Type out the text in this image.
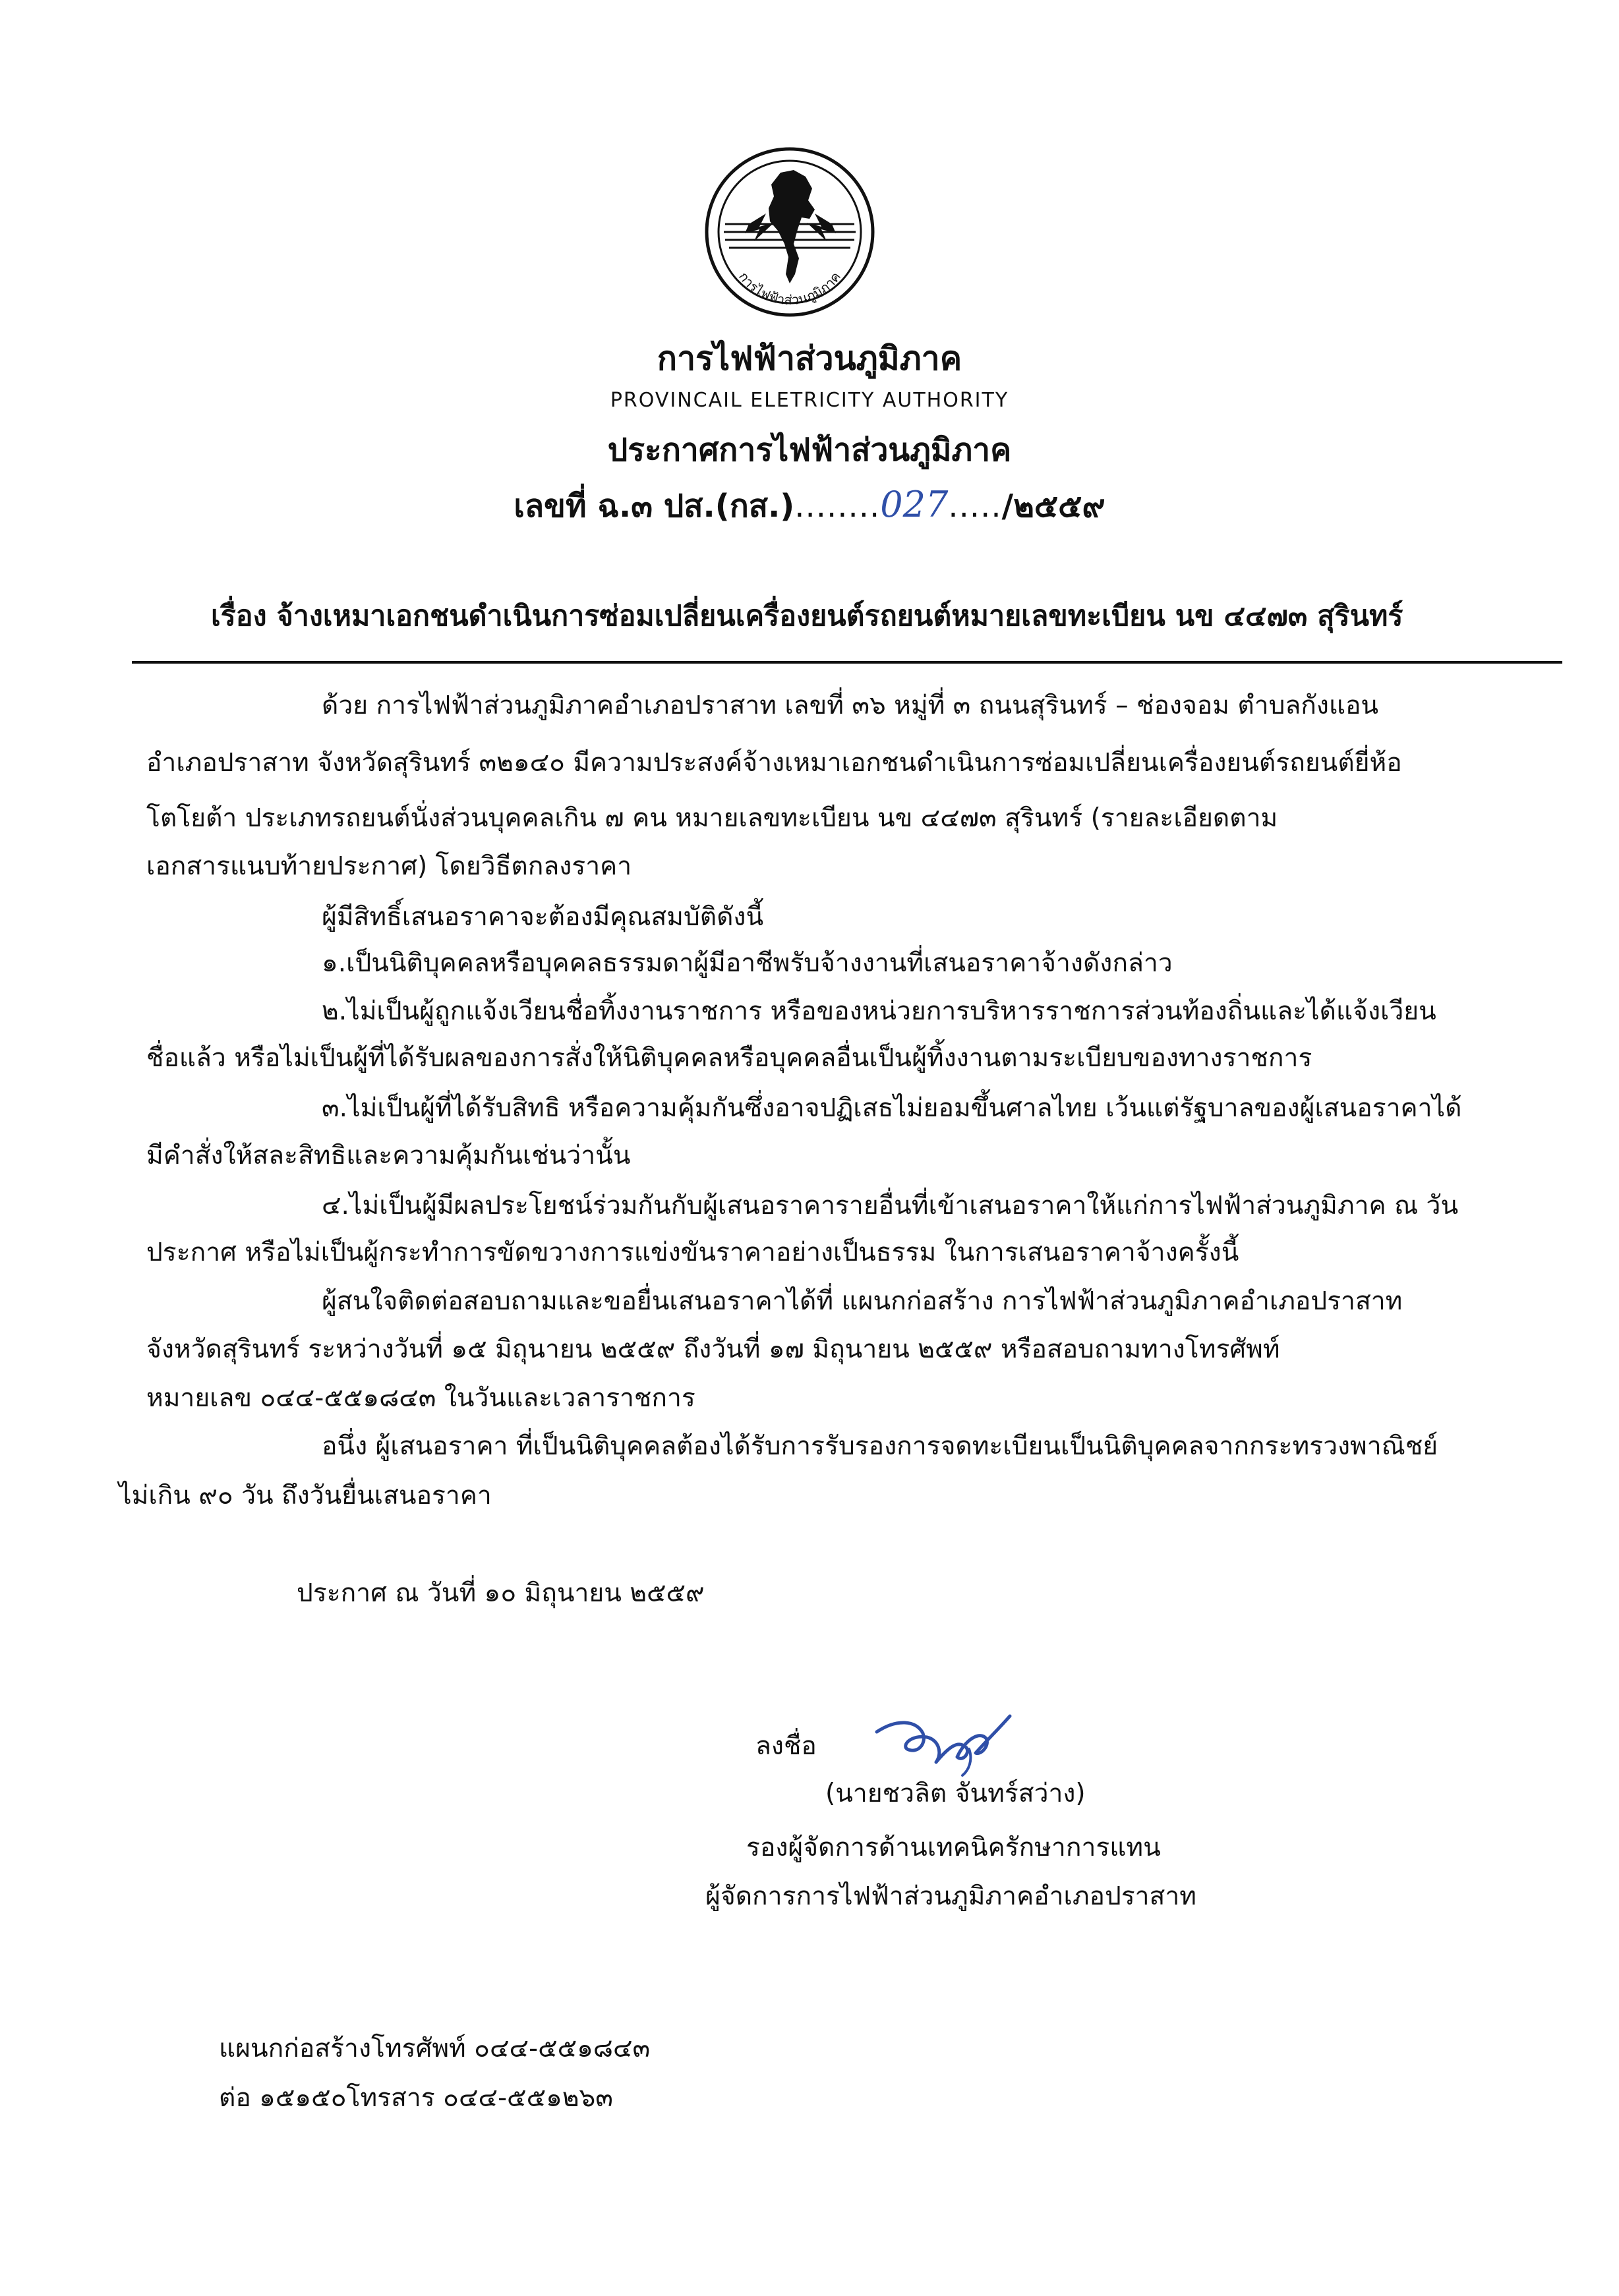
การไฟฟ้าส่วนภูมิภาค
การไฟฟ้าส่วนภูมิภาค
PROVINCAIL ELETRICITY AUTHORITY
ประกาศการไฟฟ้าส่วนภูมิภาค
เลขที่ ฉ.๓ ปส.(กส.)........027...../๒๕๕๙
เรื่อง จ้างเหมาเอกชนดำเนินการซ่อมเปลี่ยนเครื่องยนต์รถยนต์หมายเลขทะเบียน นข ๔๔๗๓ สุรินทร์
ด้วย การไฟฟ้าส่วนภูมิภาคอำเภอปราสาท เลขที่ ๓๖ หมู่ที่ ๓ ถนนสุรินทร์ – ช่องจอม ตำบลกังแอน
อำเภอปราสาท จังหวัดสุรินทร์ ๓๒๑๔๐ มีความประสงค์จ้างเหมาเอกชนดำเนินการซ่อมเปลี่ยนเครื่องยนต์รถยนต์ยี่ห้อ
โตโยต้า ประเภทรถยนต์นั่งส่วนบุคคลเกิน ๗ คน หมายเลขทะเบียน นข ๔๔๗๓ สุรินทร์ (รายละเอียดตาม
เอกสารแนบท้ายประกาศ) โดยวิธีตกลงราคา
ผู้มีสิทธิ์เสนอราคาจะต้องมีคุณสมบัติดังนี้
๑.เป็นนิติบุคคลหรือบุคคลธรรมดาผู้มีอาชีพรับจ้างงานที่เสนอราคาจ้างดังกล่าว
๒.ไม่เป็นผู้ถูกแจ้งเวียนชื่อทิ้งงานราชการ หรือของหน่วยการบริหารราชการส่วนท้องถิ่นและได้แจ้งเวียน
ชื่อแล้ว หรือไม่เป็นผู้ที่ได้รับผลของการสั่งให้นิติบุคคลหรือบุคคลอื่นเป็นผู้ทิ้งงานตามระเบียบของทางราชการ
๓.ไม่เป็นผู้ที่ได้รับสิทธิ หรือความคุ้มกันซึ่งอาจปฏิเสธไม่ยอมขึ้นศาลไทย เว้นแต่รัฐบาลของผู้เสนอราคาได้
มีคำสั่งให้สละสิทธิและความคุ้มกันเช่นว่านั้น
๔.ไม่เป็นผู้มีผลประโยชน์ร่วมกันกับผู้เสนอราคารายอื่นที่เข้าเสนอราคาให้แก่การไฟฟ้าส่วนภูมิภาค ณ วัน
ประกาศ หรือไม่เป็นผู้กระทำการขัดขวางการแข่งขันราคาอย่างเป็นธรรม ในการเสนอราคาจ้างครั้งนี้
ผู้สนใจติดต่อสอบถามและขอยื่นเสนอราคาได้ที่ แผนกก่อสร้าง การไฟฟ้าส่วนภูมิภาคอำเภอปราสาท
จังหวัดสุรินทร์ ระหว่างวันที่ ๑๕ มิถุนายน ๒๕๕๙ ถึงวันที่ ๑๗ มิถุนายน ๒๕๕๙ หรือสอบถามทางโทรศัพท์
หมายเลข ๐๔๔-๕๕๑๘๔๓ ในวันและเวลาราชการ
อนึ่ง ผู้เสนอราคา ที่เป็นนิติบุคคลต้องได้รับการรับรองการจดทะเบียนเป็นนิติบุคคลจากกระทรวงพาณิชย์
ไม่เกิน ๙๐ วัน ถึงวันยื่นเสนอราคา
ประกาศ ณ วันที่ ๑๐ มิถุนายน ๒๕๕๙
ลงชื่อ
(นายชวลิต จันทร์สว่าง)
รองผู้จัดการด้านเทคนิครักษาการแทน
ผู้จัดการการไฟฟ้าส่วนภูมิภาคอำเภอปราสาท
แผนกก่อสร้างโทรศัพท์ ๐๔๔-๕๕๑๘๔๓
ต่อ ๑๕๑๕๐โทรสาร ๐๔๔-๕๕๑๒๖๓
